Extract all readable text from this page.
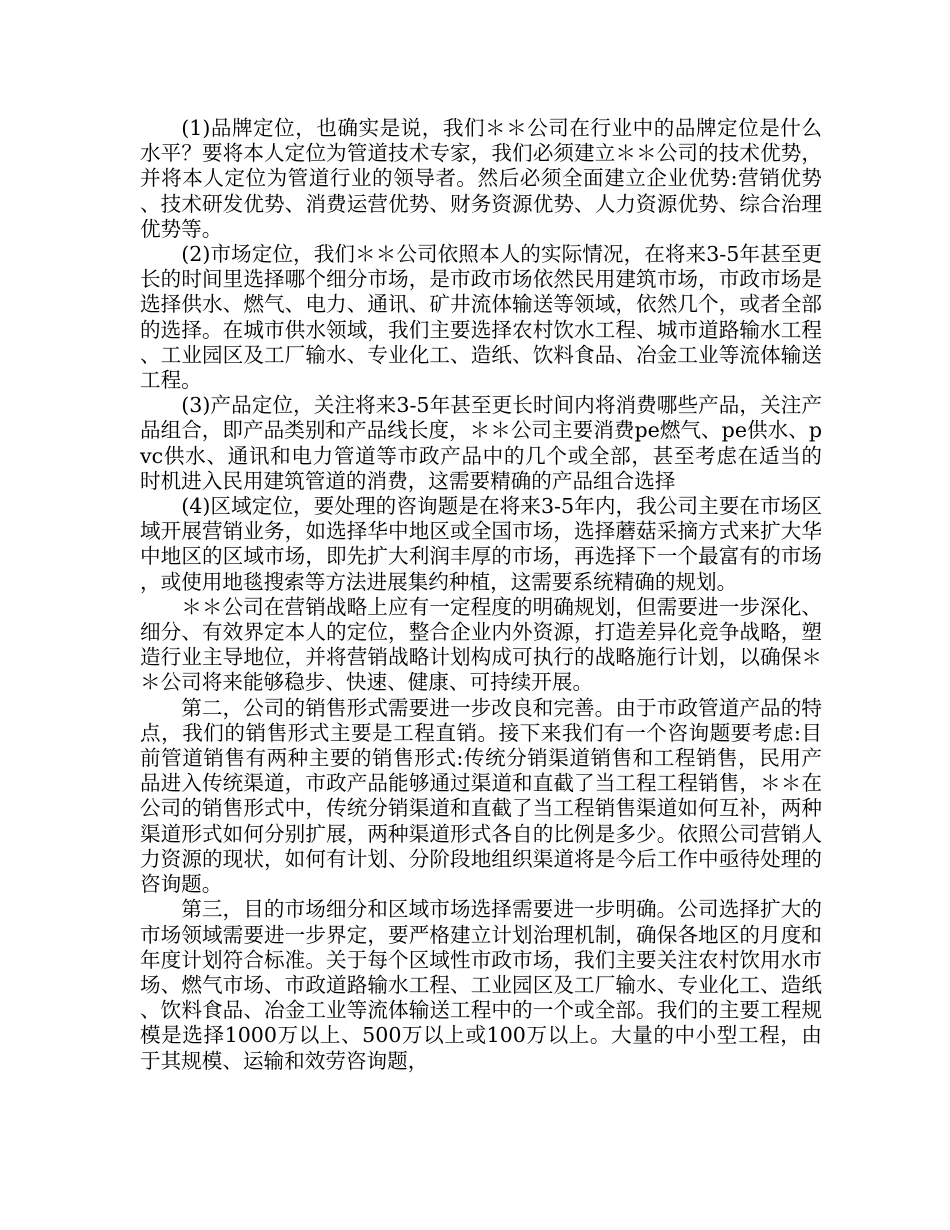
(1)品牌定位，也确实是说，我们＊＊公司在行业中的品牌定位是什么水平？要将本人定位为管道技术专家，我们必须建立＊＊公司的技术优势，并将本人定位为管道行业的领导者。然后必须全面建立企业优势:营销优势、技术研发优势、消费运营优势、财务资源优势、人力资源优势、综合治理优势等。

(2)市场定位，我们＊＊公司依照本人的实际情况，在将来3-5年甚至更长的时间里选择哪个细分市场，是市政市场依然民用建筑市场，市政市场是选择供水、燃气、电力、通讯、矿井流体输送等领域，依然几个，或者全部的选择。在城市供水领域，我们主要选择农村饮水工程、城市道路输水工程、工业园区及工厂输水、专业化工、造纸、饮料食品、冶金工业等流体输送工程。

(3)产品定位，关注将来3-5年甚至更长时间内将消费哪些产品，关注产品组合，即产品类别和产品线长度，＊＊公司主要消费pe燃气、pe供水、pvc供水、通讯和电力管道等市政产品中的几个或全部，甚至考虑在适当的时机进入民用建筑管道的消费，这需要精确的产品组合选择

(4)区域定位，要处理的咨询题是在将来3-5年内，我公司主要在市场区域开展营销业务，如选择华中地区或全国市场，选择蘑菇采摘方式来扩大华中地区的区域市场，即先扩大利润丰厚的市场，再选择下一个最富有的市场，或使用地毯搜索等方法进展集约种植，这需要系统精确的规划。

＊＊公司在营销战略上应有一定程度的明确规划，但需要进一步深化、细分、有效界定本人的定位，整合企业内外资源，打造差异化竞争战略，塑造行业主导地位，并将营销战略计划构成可执行的战略施行计划，以确保＊＊公司将来能够稳步、快速、健康、可持续开展。

第二，公司的销售形式需要进一步改良和完善。由于市政管道产品的特点，我们的销售形式主要是工程直销。接下来我们有一个咨询题要考虑:目前管道销售有两种主要的销售形式:传统分销渠道销售和工程销售，民用产品进入传统渠道，市政产品能够通过渠道和直截了当工程工程销售，＊＊在公司的销售形式中，传统分销渠道和直截了当工程销售渠道如何互补，两种渠道形式如何分别扩展，两种渠道形式各自的比例是多少。依照公司营销人力资源的现状，如何有计划、分阶段地组织渠道将是今后工作中亟待处理的咨询题。

第三，目的市场细分和区域市场选择需要进一步明确。公司选择扩大的市场领域需要进一步界定，要严格建立计划治理机制，确保各地区的月度和年度计划符合标准。关于每个区域性市政市场，我们主要关注农村饮用水市场、燃气市场、市政道路输水工程、工业园区及工厂输水、专业化工、造纸、饮料食品、冶金工业等流体输送工程中的一个或全部。我们的主要工程规模是选择1000万以上、500万以上或100万以上。大量的中小型工程，由于其规模、运输和效劳咨询题，
